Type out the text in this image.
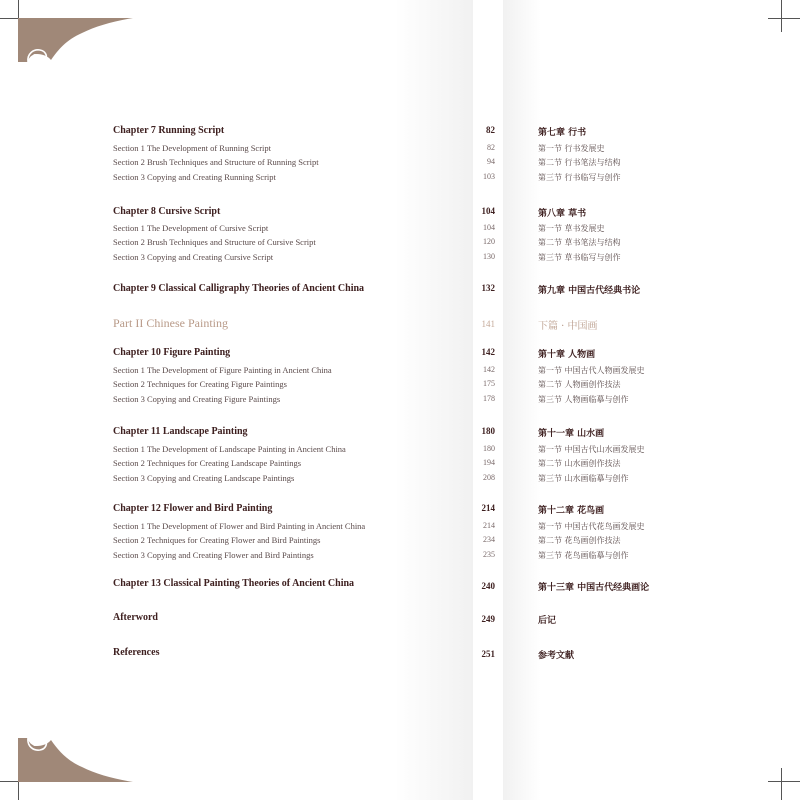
Chapter 7 Running Script	82	第七章 行书
Section 1 The Development of Running Script	82	第一节 行书发展史
Section 2 Brush Techniques and Structure of Running Script	94	第二节 行书笔法与结构
Section 3 Copying and Creating Running Script	103	第三节 行书临写与创作
Chapter 8 Cursive Script	104	第八章 草书
Section 1 The Development of Cursive Script	104	第一节 草书发展史
Section 2 Brush Techniques and Structure of Cursive Script	120	第二节 草书笔法与结构
Section 3 Copying and Creating Cursive Script	130	第三节 草书临写与创作
Chapter 9 Classical Calligraphy Theories of Ancient China	132	第九章 中国古代经典书论
Part II Chinese Painting	141	下篇 · 中国画
Chapter 10 Figure Painting	142	第十章 人物画
Section 1 The Development of Figure Painting in Ancient China	142	第一节 中国古代人物画发展史
Section 2 Techniques for Creating Figure Paintings	175	第二节 人物画创作技法
Section 3 Copying and Creating Figure Paintings	178	第三节 人物画临摹与创作
Chapter 11 Landscape Painting	180	第十一章 山水画
Section 1 The Development of Landscape Painting in Ancient China	180	第一节 中国古代山水画发展史
Section 2 Techniques for Creating Landscape Paintings	194	第二节 山水画创作技法
Section 3 Copying and Creating Landscape Paintings	208	第三节 山水画临摹与创作
Chapter 12 Flower and Bird Painting	214	第十二章 花鸟画
Section 1 The Development of Flower and Bird Painting in Ancient China	214	第一节 中国古代花鸟画发展史
Section 2 Techniques for Creating Flower and Bird Paintings	234	第二节 花鸟画创作技法
Section 3 Copying and Creating Flower and Bird Paintings	235	第三节 花鸟画临摹与创作
Chapter 13 Classical Painting Theories of Ancient China	240	第十三章 中国古代经典画论
Afterword	249	后记
References	251	参考文献
